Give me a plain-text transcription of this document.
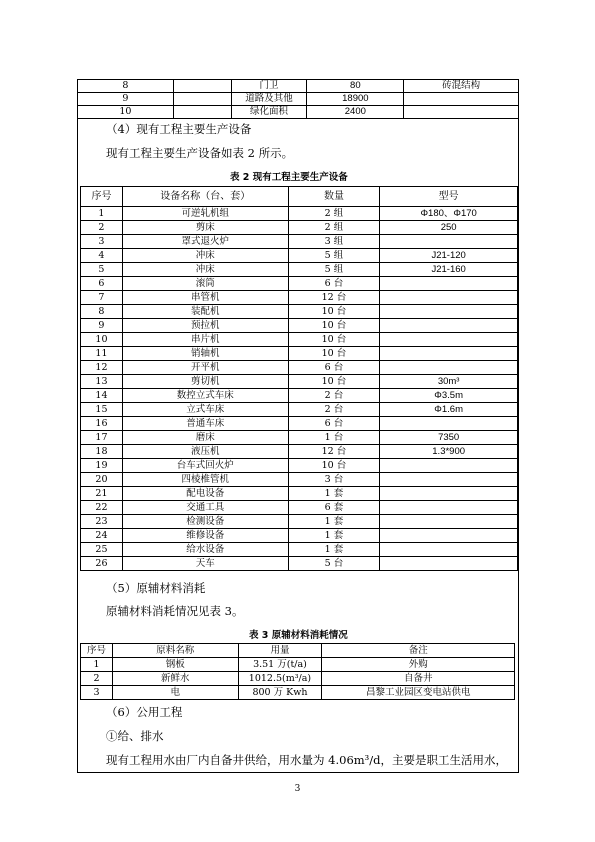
8		门卫	80	砖混结构
9		道路及其他	18900	
10		绿化面积	2400	
（4）现有工程主要生产设备
现有工程主要生产设备如表 2 所示。
表 2 现有工程主要生产设备
序号	设备名称（台、套）	数量	型号
1	可逆轧机组	2 组	Φ180、Φ170
2	剪床	2 组	250
3	罩式退火炉	3 组	
4	冲床	5 组	J21-120
5	冲床	5 组	J21-160
6	滚筒	6 台	
7	串管机	12 台	
8	装配机	10 台	
9	预拉机	10 台	
10	串片机	10 台	
11	销轴机	10 台	
12	开平机	6 台	
13	剪切机	10 台	30m³
14	数控立式车床	2 台	Φ3.5m
15	立式车床	2 台	Φ1.6m
16	普通车床	6 台	
17	磨床	1 台	7350
18	液压机	12 台	1.3*900
19	台车式回火炉	10 台	
20	四棱椎管机	3 台	
21	配电设备	1 套	
22	交通工具	6 套	
23	检测设备	1 套	
24	维修设备	1 套	
25	给水设备	1 套	
26	天车	5 台	
（5）原辅材料消耗
原辅材料消耗情况见表 3。
表 3 原辅材料消耗情况
序号	原料名称	用量	备注
1	钢板	3.51 万(t/a)	外购
2	新鲜水	1012.5(m³/a)	自备井
3	电	800 万 Kwh	昌黎工业园区变电站供电
（6）公用工程
①给、排水
现有工程用水由厂内自备井供给，用水量为 4.06m³/d，主要是职工生活用水，
3
